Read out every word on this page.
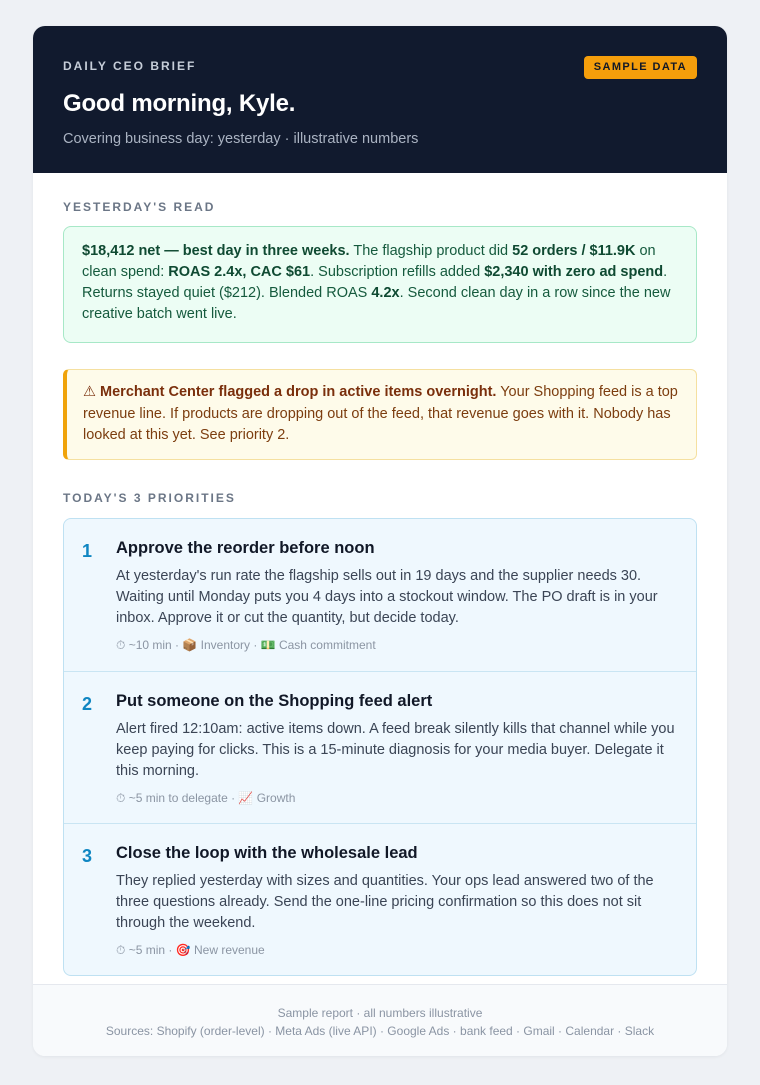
DAILY CEO BRIEF	SAMPLE DATA
Good morning, Kyle.
Covering business day: yesterday · illustrative numbers
YESTERDAY'S READ
$18,412 net — best day in three weeks. The flagship product did 52 orders / $11.9K on clean spend: ROAS 2.4x, CAC $61. Subscription refills added $2,340 with zero ad spend. Returns stayed quiet ($212). Blended ROAS 4.2x. Second clean day in a row since the new creative batch went live.
⚠ Merchant Center flagged a drop in active items overnight. Your Shopping feed is a top revenue line. If products are dropping out of the feed, that revenue goes with it. Nobody has looked at this yet. See priority 2.
TODAY'S 3 PRIORITIES
1 Approve the reorder before noon
At yesterday's run rate the flagship sells out in 19 days and the supplier needs 30. Waiting until Monday puts you 4 days into a stockout window. The PO draft is in your inbox. Approve it or cut the quantity, but decide today.
⏱ ~10 min · 📦 Inventory · 💵 Cash commitment
2 Put someone on the Shopping feed alert
Alert fired 12:10am: active items down. A feed break silently kills that channel while you keep paying for clicks. This is a 15-minute diagnosis for your media buyer. Delegate it this morning.
⏱ ~5 min to delegate · 📈 Growth
3 Close the loop with the wholesale lead
They replied yesterday with sizes and quantities. Your ops lead answered two of the three questions already. Send the one-line pricing confirmation so this does not sit through the weekend.
⏱ ~5 min · 🎯 New revenue
Sample report · all numbers illustrative
Sources: Shopify (order-level) · Meta Ads (live API) · Google Ads · bank feed · Gmail · Calendar · Slack
